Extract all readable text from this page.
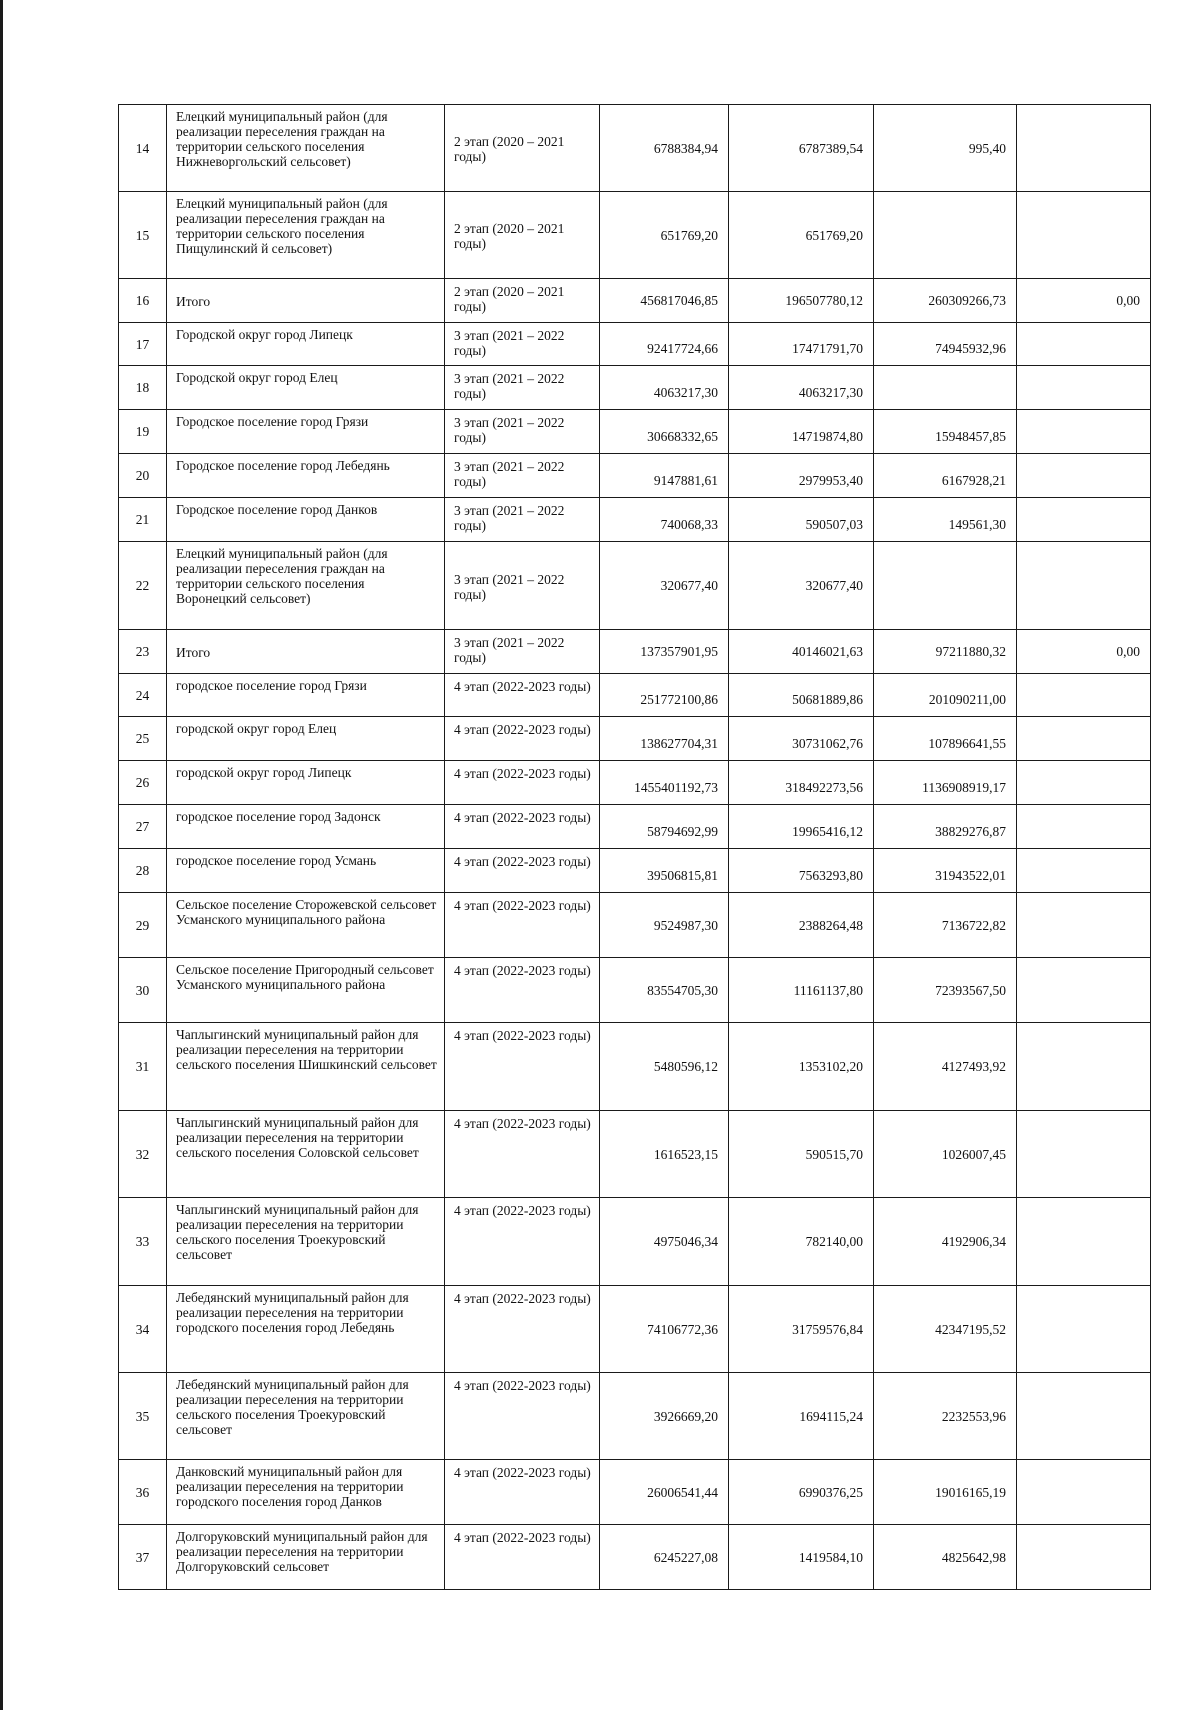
14	Елецкий муниципальный район (для реализации переселения граждан на территории сельского поселения Нижневоргольский сельсовет)	2 этап (2020 – 2021 годы)	6788384,94	6787389,54	995,40	
15	Елецкий муниципальный район (для реализации переселения граждан на территории сельского поселения Пищулинский й сельсовет)	2 этап (2020 – 2021 годы)	651769,20	651769,20		
16	Итого	2 этап (2020 – 2021 годы)	456817046,85	196507780,12	260309266,73	0,00
17	Городской округ город Липецк	3 этап (2021 – 2022 годы)	92417724,66	17471791,70	74945932,96	
18	Городской округ город Елец	3 этап (2021 – 2022 годы)	4063217,30	4063217,30		
19	Городское поселение город Грязи	3 этап (2021 – 2022 годы)	30668332,65	14719874,80	15948457,85	
20	Городское поселение город Лебедянь	3 этап (2021 – 2022 годы)	9147881,61	2979953,40	6167928,21	
21	Городское поселение город Данков	3 этап (2021 – 2022 годы)	740068,33	590507,03	149561,30	
22	Елецкий муниципальный район (для реализации переселения граждан на территории сельского поселения Воронецкий сельсовет)	3 этап (2021 – 2022 годы)	320677,40	320677,40		
23	Итого	3 этап (2021 – 2022 годы)	137357901,95	40146021,63	97211880,32	0,00
24	городское поселение город Грязи	4 этап (2022-2023 годы)	251772100,86	50681889,86	201090211,00	
25	городской округ город Елец	4 этап (2022-2023 годы)	138627704,31	30731062,76	107896641,55	
26	городской округ город Липецк	4 этап (2022-2023 годы)	1455401192,73	318492273,56	1136908919,17	
27	городское поселение город Задонск	4 этап (2022-2023 годы)	58794692,99	19965416,12	38829276,87	
28	городское поселение город Усмань	4 этап (2022-2023 годы)	39506815,81	7563293,80	31943522,01	
29	Сельское поселение Сторожевской сельсовет Усманского муниципального района	4 этап (2022-2023 годы)	9524987,30	2388264,48	7136722,82	
30	Сельское поселение Пригородный сельсовет Усманского муниципального района	4 этап (2022-2023 годы)	83554705,30	11161137,80	72393567,50	
31	Чаплыгинский муниципальный район для реализации переселения на территории сельского поселения Шишкинский сельсовет	4 этап (2022-2023 годы)	5480596,12	1353102,20	4127493,92	
32	Чаплыгинский муниципальный район для реализации переселения на территории сельского поселения Соловской сельсовет	4 этап (2022-2023 годы)	1616523,15	590515,70	1026007,45	
33	Чаплыгинский муниципальный район для реализации переселения на территории сельского поселения Троекуровский сельсовет	4 этап (2022-2023 годы)	4975046,34	782140,00	4192906,34	
34	Лебедянский муниципальный район для реализации переселения на территории городского поселения город Лебедянь	4 этап (2022-2023 годы)	74106772,36	31759576,84	42347195,52	
35	Лебедянский муниципальный район для реализации переселения на территории сельского поселения Троекуровский сельсовет	4 этап (2022-2023 годы)	3926669,20	1694115,24	2232553,96	
36	Данковский муниципальный район для реализации переселения на территории городского поселения город Данков	4 этап (2022-2023 годы)	26006541,44	6990376,25	19016165,19	
37	Долгоруковский муниципальный район для реализации переселения на территории Долгоруковский сельсовет	4 этап (2022-2023 годы)	6245227,08	1419584,10	4825642,98	
